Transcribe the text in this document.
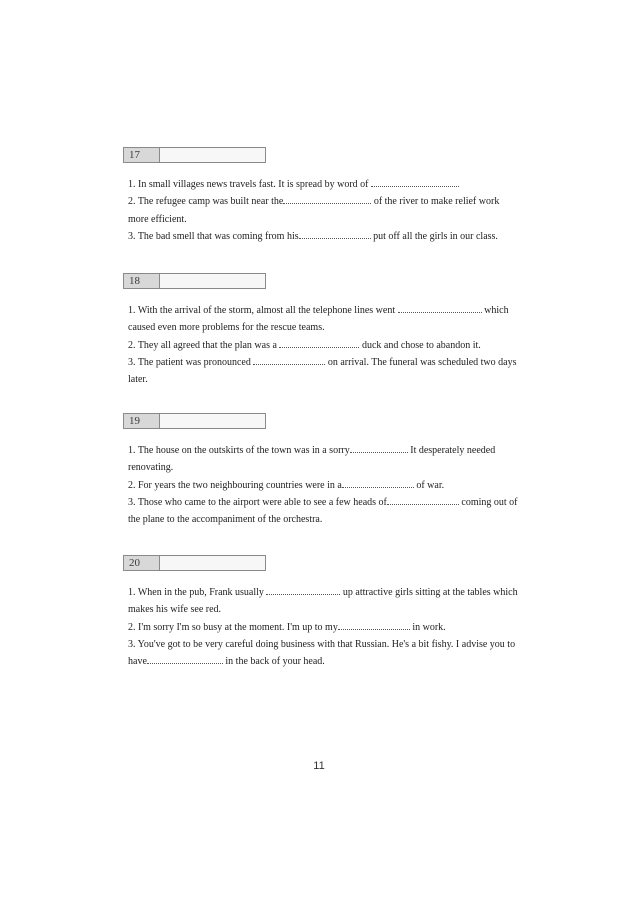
17
1. In small villages news travels fast. It is spread by word of
2. The refugee camp was built near the	of the river to make relief work more efficient.
3. The bad smell that was coming from his	put off all the girls in our class.
18
1. With the arrival of the storm, almost all the telephone lines went	which caused even more problems for the rescue teams.
2. They all agreed that the plan was a	duck and chose to abandon it.
3. The patient was pronounced	on arrival. The funeral was scheduled two days later.
19
1. The house on the outskirts of the town was in a sorry	It desperately needed renovating.
2. For years the two neighbouring countries were in a	of war.
3. Those who came to the airport were able to see a few heads of	coming out of the plane to the accompaniment of the orchestra.
20
1. When in the pub, Frank usually	up attractive girls sitting at the tables which makes his wife see red.
2. I'm sorry I'm so busy at the moment. I'm up to my	in work.
3. You've got to be very careful doing business with that Russian. He's a bit fishy. I advise you to have	in the back of your head.
11
